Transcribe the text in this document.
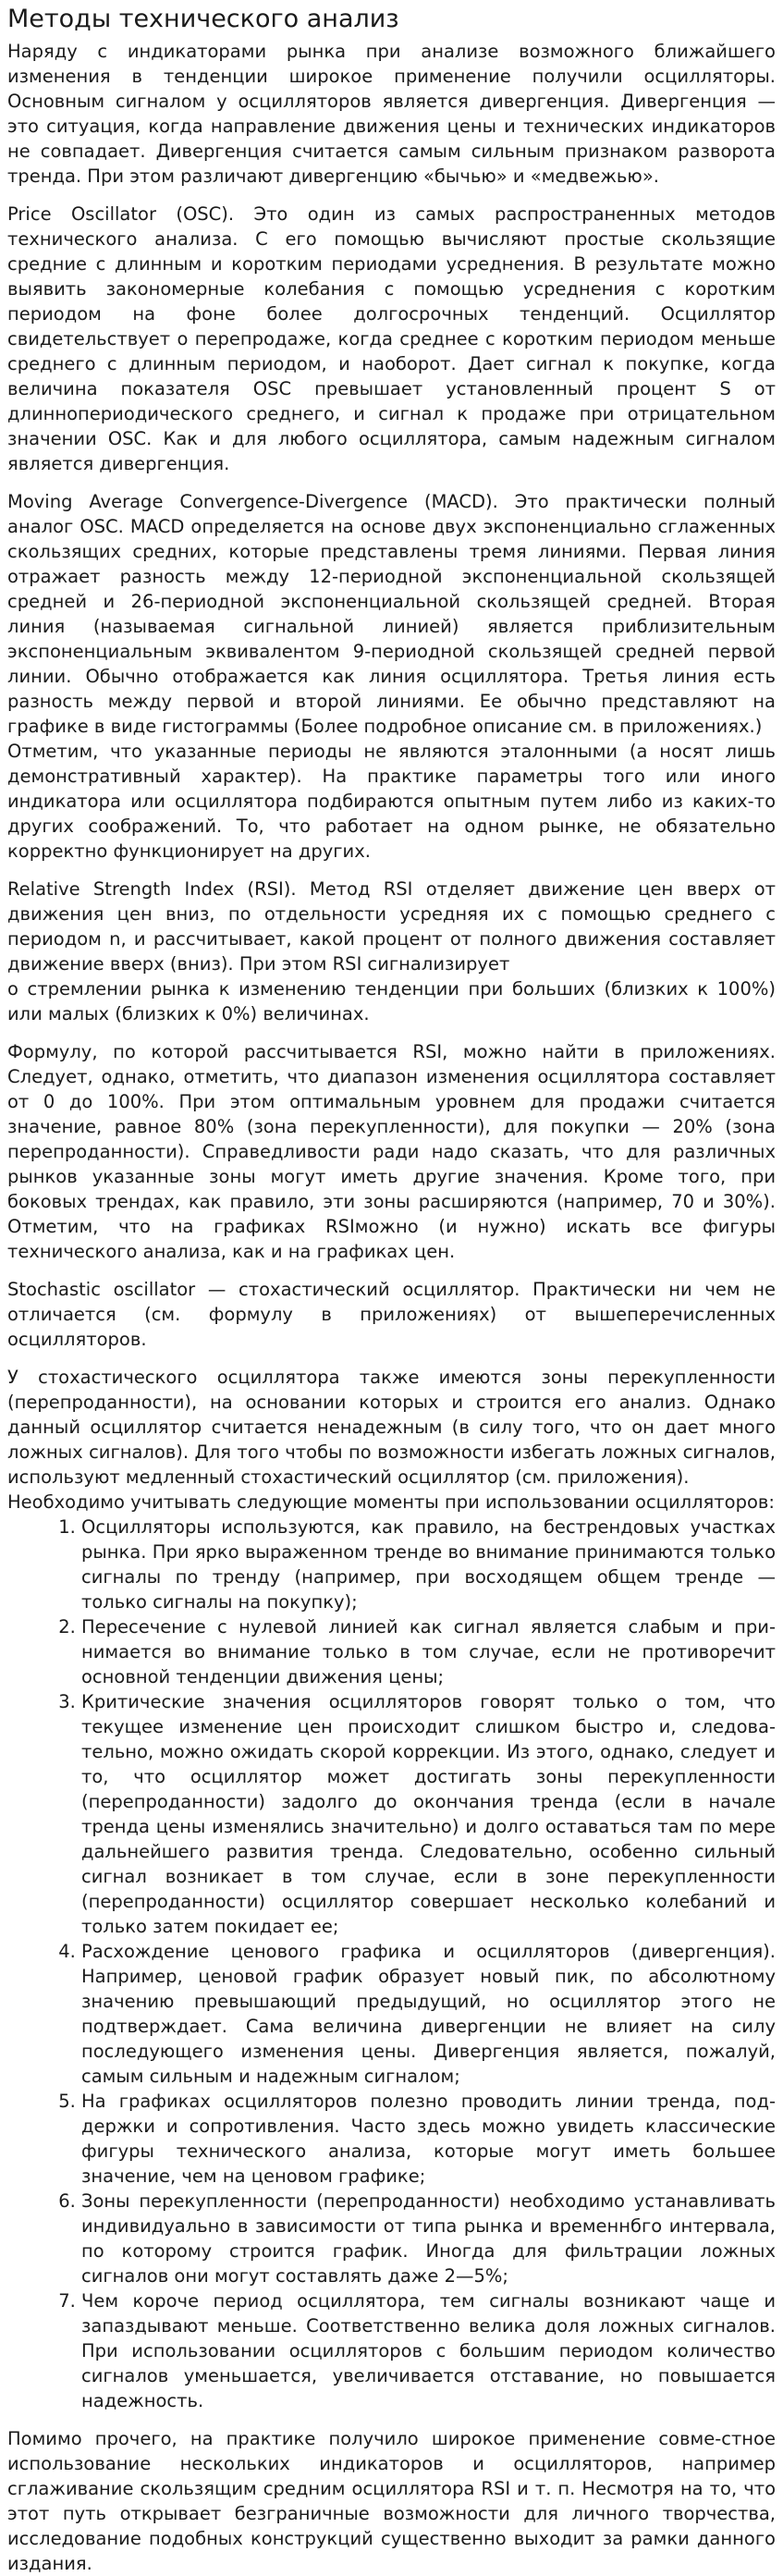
Методы технического анализ

Наряду с индикаторами рынка при анализе возможного ближайшего изменения в тенденции широкое применение получили осцилляторы. Основным сигналом у осцилляторов является дивергенция. Дивергенция — это ситуация, когда направление движения цены и технических индикаторов не совпадает. Дивергенция считается самым сильным признаком разворота тренда. При этом различают дивергенцию «бычью» и «медвежью».

Price Oscillator (OSC). Это один из самых распространенных методов технического анализа. С его помощью вычисляют простые скользящие средние с длинным и коротким периодами усреднения. В результате можно выявить закономерные колебания с помощью усреднения с коротким периодом на фоне более долгосрочных тенденций. Осциллятор свидетельствует о перепродаже, когда среднее с коротким периодом меньше среднего с длинным периодом, и наоборот. Дает сигнал к покупке, когда величина показателя OSC превышает установленный процент S от длиннопериодического среднего, и сигнал к продаже при отрицательном значении OSC. Как и для любого осциллятора, самым надежным сигналом является дивергенция.

Moving Average Convergence-Divergence (MACD). Это практически полный аналог OSC. MACD определяется на основе двух экспоненциально сглаженных скользящих средних, которые представлены тремя линиями. Первая линия отражает разность между 12-периодной экспоненциальной скользящей средней и 26-периодной экспоненциальной скользящей средней. Вторая линия (называемая сигнальной линией) является приблизительным экспоненциальным эквивалентом 9-периодной скользящей средней первой линии. Обычно отображается как линия осциллятора. Третья линия есть разность между первой и второй линиями. Ее обычно представляют на графике в виде гистограммы (Более подробное описание см. в приложениях.)

Отметим, что указанные периоды не являются эталонными (а носят лишь демонстративный характер). На практике параметры того или иного индикатора или осциллятора подбираются опытным путем либо из каких-то других соображений. То, что работает на одном рынке, не обязательно корректно функционирует на других.

Relative Strength Index (RSI). Метод RSI отделяет движение цен вверх от движения цен вниз, по отдельности усредняя их с помощью среднего с периодом n, и рассчитывает, какой процент от полного движения составляет движение вверх (вниз). При этом RSI сигнализирует

о стремлении рынка к изменению тенденции при больших (близких к 100%) или малых (близких к 0%) величинах.

Формулу, по которой рассчитывается RSI, можно найти в приложениях. Следует, однако, отметить, что диапазон изменения осциллятора составляет от 0 до 100%. При этом оптимальным уровнем для продажи считается значение, равное 80% (зона перекупленности), для покупки — 20% (зона перепроданности). Справедливости ради надо сказать, что для различных рынков указанные зоны могут иметь другие значения. Кроме того, при боковых трендах, как правило, эти зоны расширяются (например, 70 и 30%). Отметим, что на графиках RSIможно (и нужно) искать все фигуры технического анализа, как и на графиках цен.

Stochastic oscillator — стохастический осциллятор. Практически ни чем не отличается (см. формулу в приложениях) от вышеперечисленных осцилляторов.

У стохастического осциллятора также имеются зоны перекупленности (перепроданности), на основании которых и строится его анализ. Однако данный осциллятор считается ненадежным (в силу того, что он дает много ложных сигналов). Для того чтобы по возможности избегать ложных сигналов, используют медленный стохастический осциллятор (см. приложения).

Необходимо учитывать следующие моменты при использовании осцилляторов:

1. Осцилляторы используются, как правило, на бестрендовых участках рынка. При ярко выраженном тренде во внимание принимаются только сигналы по тренду (например, при восходящем общем тренде — только сигналы на покупку);
2. Пересечение с нулевой линией как сигнал является слабым и при-нимается во внимание только в том случае, если не противоречит основной тенденции движения цены;
3. Критические значения осцилляторов говорят только о том, что текущее изменение цен происходит слишком быстро и, следова-тельно, можно ожидать скорой коррекции. Из этого, однако, следует и то, что осциллятор может достигать зоны перекупленности (перепроданности) задолго до окончания тренда (если в начале тренда цены изменялись значительно) и долго оставаться там по мере дальнейшего развития тренда. Следовательно, особенно сильный сигнал возникает в том случае, если в зоне перекупленности (перепроданности) осциллятор совершает несколько колебаний и только затем покидает ее;
4. Расхождение ценового графика и осцилляторов (дивергенция). Например, ценовой график образует новый пик, по абсолютному значению превышающий предыдущий, но осциллятор этого не подтверждает. Сама величина дивергенции не влияет на силу последующего изменения цены. Дивергенция является, пожалуй, самым сильным и надежным сигналом;
5. На графиках осцилляторов полезно проводить линии тренда, под-держки и сопротивления. Часто здесь можно увидеть классические фигуры технического анализа, которые могут иметь большее значение, чем на ценовом графике;
6. Зоны перекупленности (перепроданности) необходимо устанавливать индивидуально в зависимости от типа рынка и временнбго интервала, по которому строится график. Иногда для фильтрации ложных сигналов они могут составлять даже 2—5%;
7. Чем короче период осциллятора, тем сигналы возникают чаще и запаздывают меньше. Соответственно велика доля ложных сигналов. При использовании осцилляторов с большим периодом количество сигналов уменьшается, увеличивается отставание, но повышается надежность.

Помимо прочего, на практике получило широкое применение совме-стное использование нескольких индикаторов и осцилляторов, например сглаживание скользящим средним осциллятора RSI и т. п. Несмотря на то, что этот путь открывает безграничные возможности для личного творчества, исследование подобных конструкций существенно выходит за рамки данного издания.
